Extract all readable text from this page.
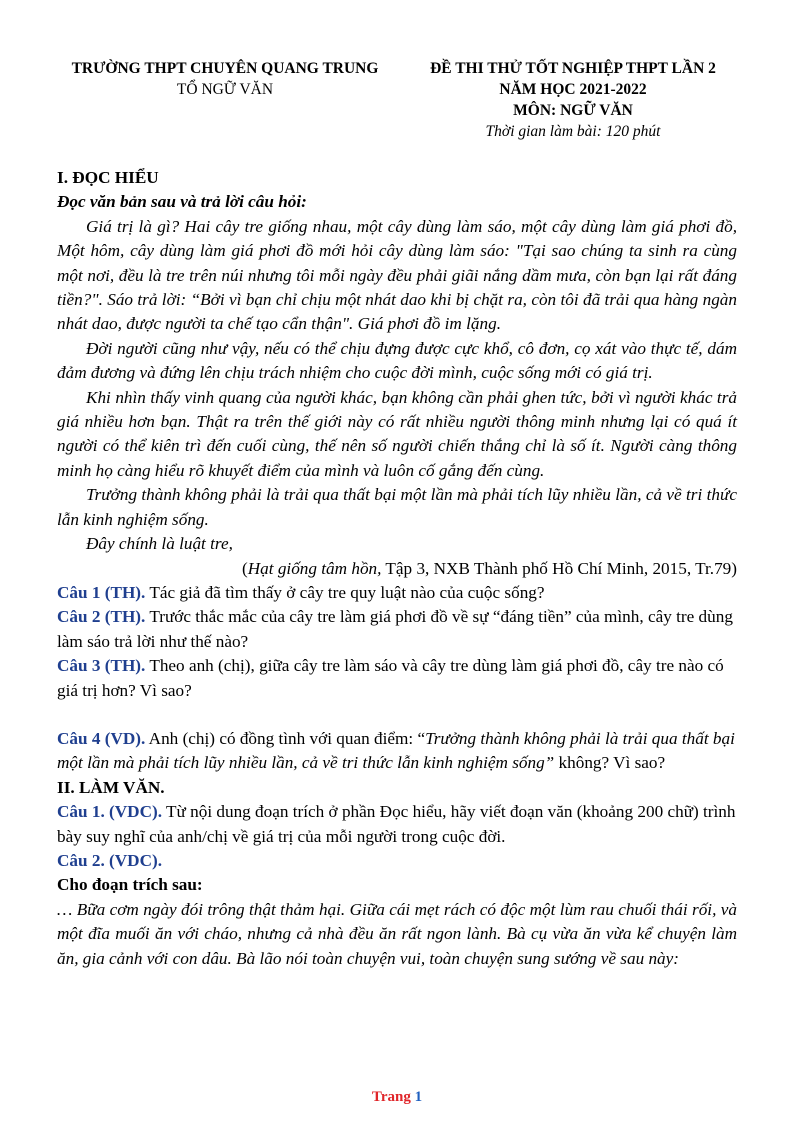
TRƯỜNG THPT CHUYÊN QUANG TRUNG
TỔ NGỮ VĂN
ĐỀ THI THỬ TỐT NGHIỆP THPT LẦN 2
NĂM HỌC 2021-2022
MÔN: NGỮ VĂN
Thời gian làm bài: 120 phút

I. ĐỌC HIỂU

Đọc văn bản sau và trả lời câu hỏi:

Giá trị là gì? Hai cây tre giống nhau, một cây dùng làm sáo, một cây dùng làm giá phơi đồ, Một hôm, cây dùng làm giá phơi đồ mới hỏi cây dùng làm sáo: "Tại sao chúng ta sinh ra cùng một nơi, đều là tre trên núi nhưng tôi mỗi ngày đều phải giãi nắng dầm mưa, còn bạn lại rất đáng tiền?". Sáo trả lời: “Bởi vì bạn chỉ chịu một nhát dao khi bị chặt ra, còn tôi đã trải qua hàng ngàn nhát dao, được người ta chế tạo cẩn thận". Giá phơi đồ im lặng.

Đời người cũng như vậy, nếu có thể chịu đựng được cực khổ, cô đơn, cọ xát vào thực tế, dám đảm đương và đứng lên chịu trách nhiệm cho cuộc đời mình, cuộc sống mới có giá trị.

Khi nhìn thấy vinh quang của người khác, bạn không cần phải ghen tức, bởi vì người khác trả giá nhiều hơn bạn. Thật ra trên thế giới này có rất nhiều người thông minh nhưng lại có quá ít người có thể kiên trì đến cuối cùng, thế nên số người chiến thắng chỉ là số ít. Người càng thông minh họ càng hiểu rõ khuyết điểm của mình và luôn cố gắng đến cùng.

Trưởng thành không phải là trải qua thất bại một lần mà phải tích lũy nhiều lần, cả về tri thức lẫn kinh nghiệm sống.

Đây chính là luật tre,

(Hạt giống tâm hồn, Tập 3, NXB Thành phố Hồ Chí Minh, 2015, Tr.79)

Câu 1 (TH). Tác giả đã tìm thấy ở cây tre quy luật nào của cuộc sống?

Câu 2 (TH). Trước thắc mắc của cây tre làm giá phơi đồ về sự “đáng tiền” của mình, cây tre dùng làm sáo trả lời như thế nào?

Câu 3 (TH). Theo anh (chị), giữa cây tre làm sáo và cây tre dùng làm giá phơi đồ, cây tre nào có giá trị hơn? Vì sao?

Câu 4 (VD). Anh (chị) có đồng tình với quan điểm: “Trưởng thành không phải là trải qua thất bại một lần mà phải tích lũy nhiều lần, cả về tri thức lẫn kinh nghiệm sống” không? Vì sao?

II. LÀM VĂN.

Câu 1. (VDC). Từ nội dung đoạn trích ở phần Đọc hiểu, hãy viết đoạn văn (khoảng 200 chữ) trình bày suy nghĩ của anh/chị về giá trị của mỗi người trong cuộc đời.

Câu 2. (VDC).

Cho đoạn trích sau:

… Bữa cơm ngày đói trông thật thảm hại. Giữa cái mẹt rách có độc một lùm rau chuối thái rối, và một đĩa muối ăn với cháo, nhưng cả nhà đều ăn rất ngon lành. Bà cụ vừa ăn vừa kể chuyện làm ăn, gia cảnh với con dâu. Bà lão nói toàn chuyện vui, toàn chuyện sung sướng về sau này:

Trang 1
